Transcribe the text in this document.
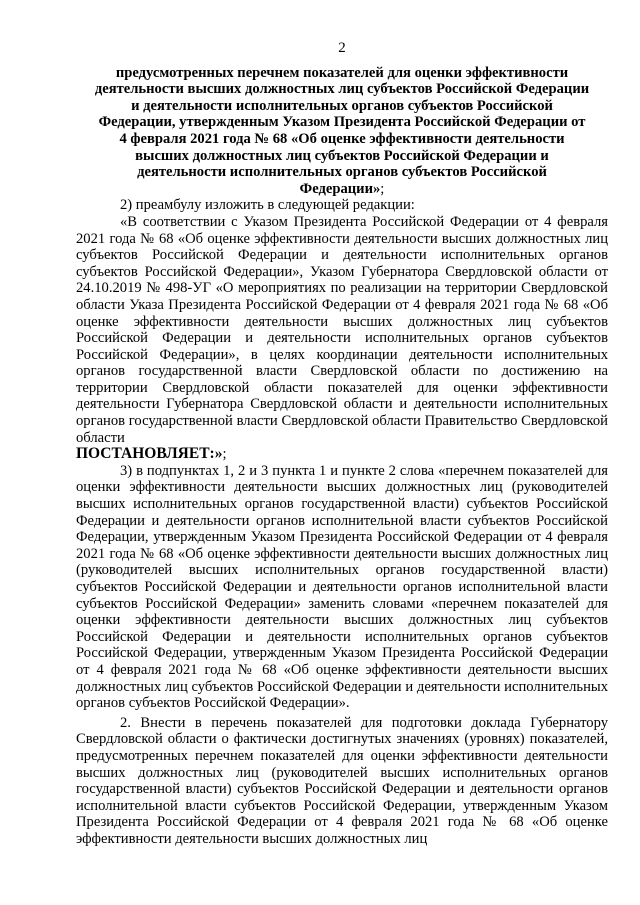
2

предусмотренных перечнем показателей для оценки эффективности деятельности высших должностных лиц субъектов Российской Федерации и деятельности исполнительных органов субъектов Российской Федерации, утвержденным Указом Президента Российской Федерации от 4 февраля 2021 года № 68 «Об оценке эффективности деятельности высших должностных лиц субъектов Российской Федерации и деятельности исполнительных органов субъектов Российской Федерации»;

2) преамбулу изложить в следующей редакции:

«В соответствии с Указом Президента Российской Федерации от 4 февраля 2021 года № 68 «Об оценке эффективности деятельности высших должностных лиц субъектов Российской Федерации и деятельности исполнительных органов субъектов Российской Федерации», Указом Губернатора Свердловской области от 24.10.2019 № 498-УГ «О мероприятиях по реализации на территории Свердловской области Указа Президента Российской Федерации от 4 февраля 2021 года № 68 «Об оценке эффективности деятельности высших должностных лиц субъектов Российской Федерации и деятельности исполнительных органов субъектов Российской Федерации», в целях координации деятельности исполнительных органов государственной власти Свердловской области по достижению на территории Свердловской области показателей для оценки эффективности деятельности Губернатора Свердловской области и деятельности исполнительных органов государственной власти Свердловской области Правительство Свердловской области

ПОСТАНОВЛЯЕТ:»;

3) в подпунктах 1, 2 и 3 пункта 1 и пункте 2 слова «перечнем показателей для оценки эффективности деятельности высших должностных лиц (руководителей высших исполнительных органов государственной власти) субъектов Российской Федерации и деятельности органов исполнительной власти субъектов Российской Федерации, утвержденным Указом Президента Российской Федерации от 4 февраля 2021 года № 68 «Об оценке эффективности деятельности высших должностных лиц (руководителей высших исполнительных органов государственной власти) субъектов Российской Федерации и деятельности органов исполнительной власти субъектов Российской Федерации» заменить словами «перечнем показателей для оценки эффективности деятельности высших должностных лиц субъектов Российской Федерации и деятельности исполнительных органов субъектов Российской Федерации, утвержденным Указом Президента Российской Федерации от 4 февраля 2021 года № 68 «Об оценке эффективности деятельности высших должностных лиц субъектов Российской Федерации и деятельности исполнительных органов субъектов Российской Федерации».

2. Внести в перечень показателей для подготовки доклада Губернатору Свердловской области о фактически достигнутых значениях (уровнях) показателей, предусмотренных перечнем показателей для оценки эффективности деятельности высших должностных лиц (руководителей высших исполнительных органов государственной власти) субъектов Российской Федерации и деятельности органов исполнительной власти субъектов Российской Федерации, утвержденным Указом Президента Российской Федерации от 4 февраля 2021 года № 68 «Об оценке эффективности деятельности высших должностных лиц
